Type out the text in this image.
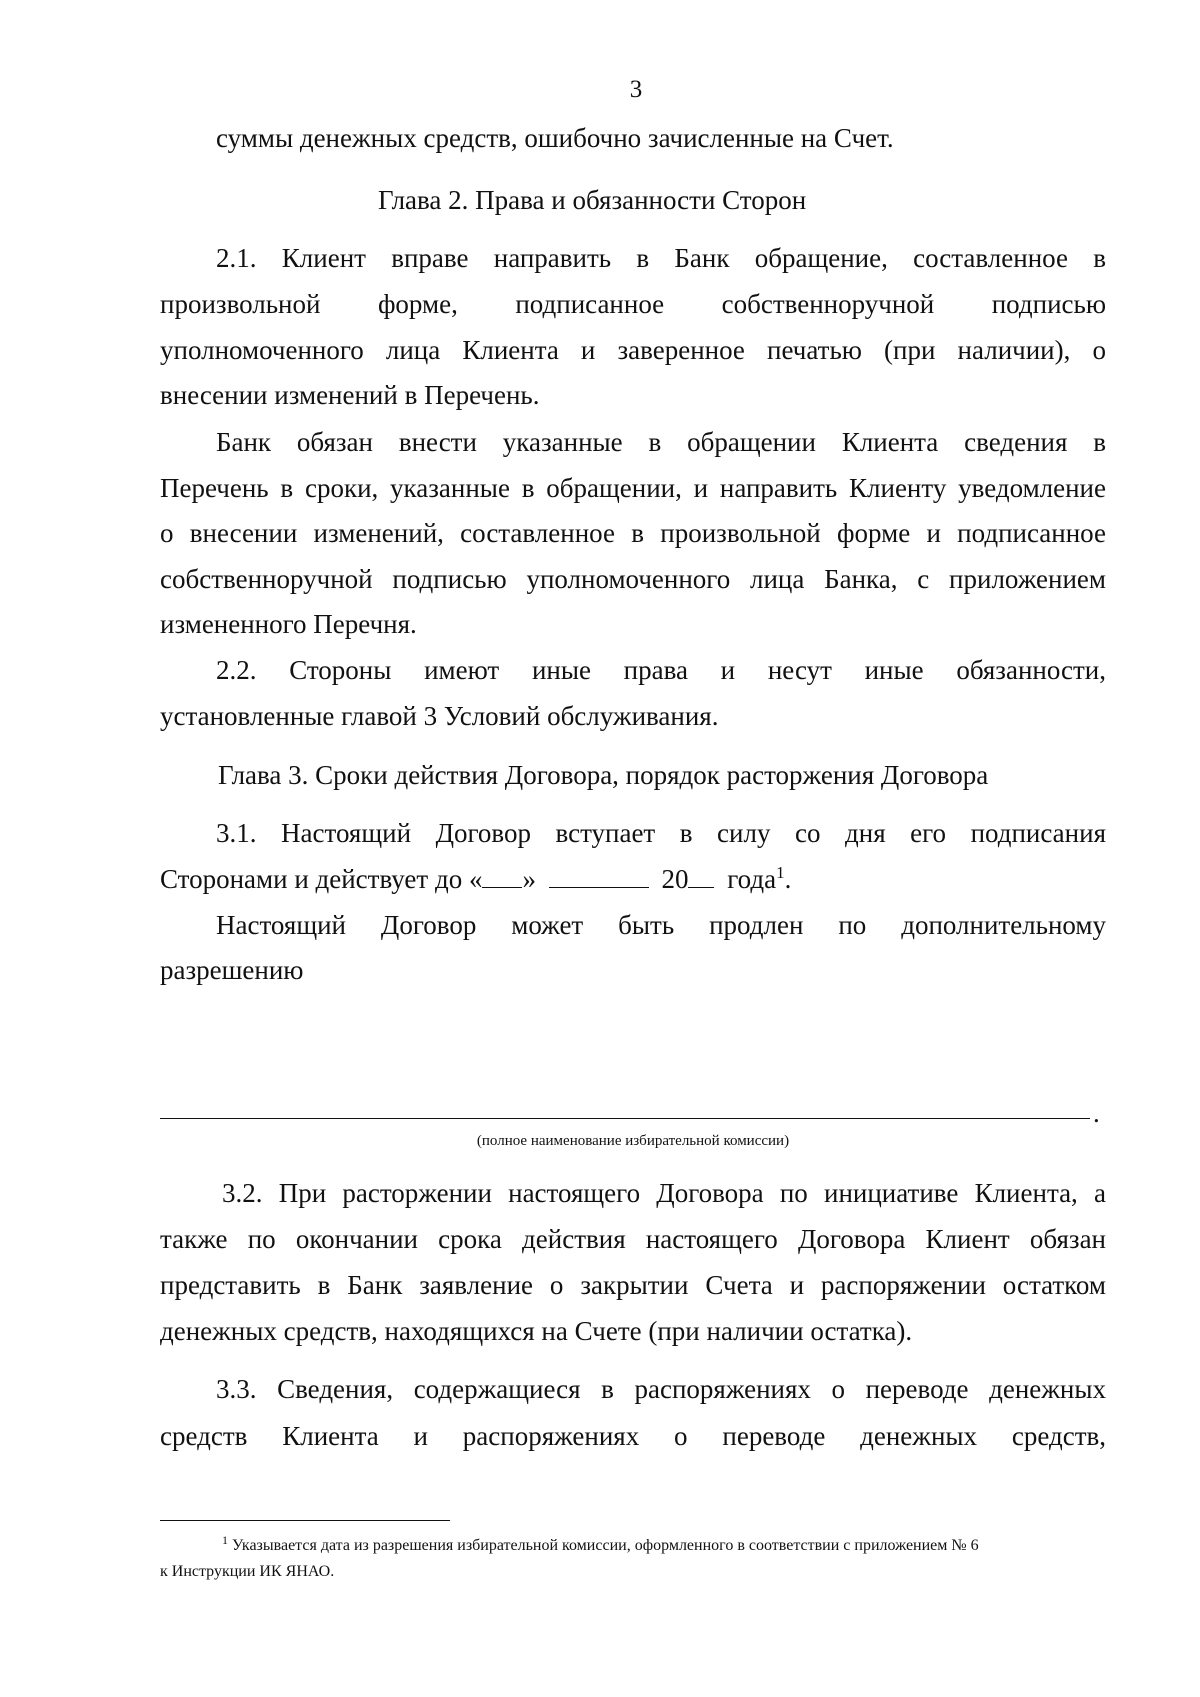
3
суммы денежных средств, ошибочно зачисленные на Счет.
Глава 2. Права и обязанности Сторон
2.1. Клиент вправе направить в Банк обращение, составленное в
произвольной форме, подписанное собственноручной подписью
уполномоченного лица Клиента и заверенное печатью (при наличии), о
внесении изменений в Перечень.
Банк обязан внести указанные в обращении Клиента сведения в
Перечень в сроки, указанные в обращении, и направить Клиенту уведомление
о внесении изменений, составленное в произвольной форме и подписанное
собственноручной подписью уполномоченного лица Банка, с приложением
измененного Перечня.
2.2. Стороны имеют иные права и несут иные обязанности,
установленные главой 3 Условий обслуживания.
Глава 3. Сроки действия Договора, порядок расторжения Договора
3.1. Настоящий Договор вступает в силу со дня его подписания
Сторонами и действует до « »	20 года$^1$.
Настоящий Договор может быть продлен по дополнительному
разрешению
.
(полное наименование избирательной комиссии)
3.2. При расторжении настоящего Договора по инициативе Клиента, а
также по окончании срока действия настоящего Договора Клиент обязан
представить в Банк заявление о закрытии Счета и распоряжении остатком
денежных средств, находящихся на Счете (при наличии остатка).
3.3. Сведения, содержащиеся в распоряжениях о переводе денежных
средств Клиента и распоряжениях о переводе денежных средств,
$^1$ Указывается дата из разрешения избирательной комиссии, оформленного в соответствии с приложением № 6
к Инструкции ИК ЯНАО.
